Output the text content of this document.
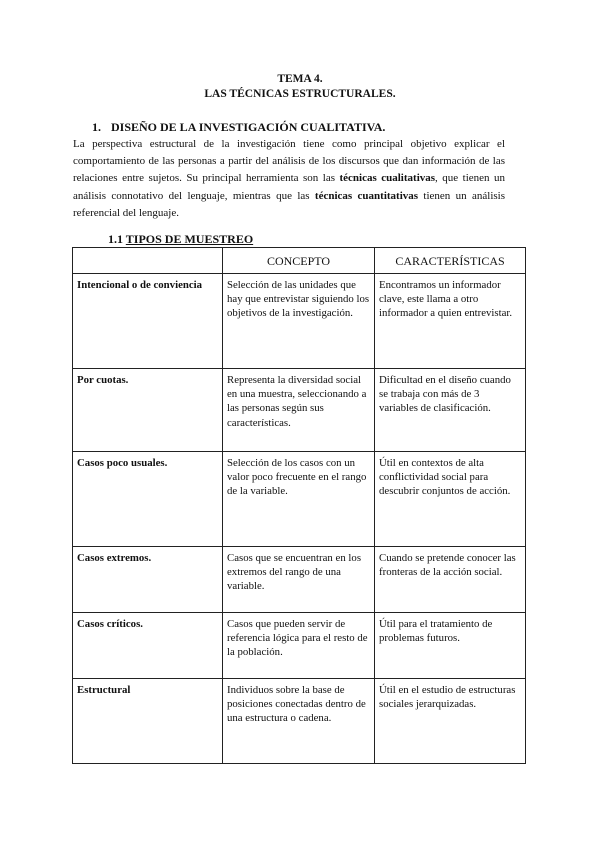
TEMA 4.
LAS TÉCNICAS ESTRUCTURALES.
1. DISEÑO DE LA INVESTIGACIÓN CUALITATIVA.
La perspectiva estructural de la investigación tiene como principal objetivo explicar el comportamiento de las personas a partir del análisis de los discursos que dan información de las relaciones entre sujetos. Su principal herramienta son las técnicas cualitativas, que tienen un análisis connotativo del lenguaje, mientras que las técnicas cuantitativas tienen un análisis referencial del lenguaje.
1.1 TIPOS DE MUESTREO
	CONCEPTO	CARACTERÍSTICAS
Intencional o de conviencia	Selección de las unidades que hay que entrevistar siguiendo los objetivos de la investigación.	Encontramos un informador clave, este llama a otro informador a quien entrevistar.
Por cuotas.	Representa la diversidad social en una muestra, seleccionando a las personas según sus características.	Dificultad en el diseño cuando se trabaja con más de 3 variables de clasificación.
Casos poco usuales.	Selección de los casos con un valor poco frecuente en el rango de la variable.	Útil en contextos de alta conflictividad social para descubrir conjuntos de acción.
Casos extremos.	Casos que se encuentran en los extremos del rango de una variable.	Cuando se pretende conocer las fronteras de la acción social.
Casos críticos.	Casos que pueden servir de referencia lógica para el resto de la población.	Útil para el tratamiento de problemas futuros.
Estructural	Individuos sobre la base de posiciones conectadas dentro de una estructura o cadena.	Útil en el estudio de estructuras sociales jerarquizadas.
